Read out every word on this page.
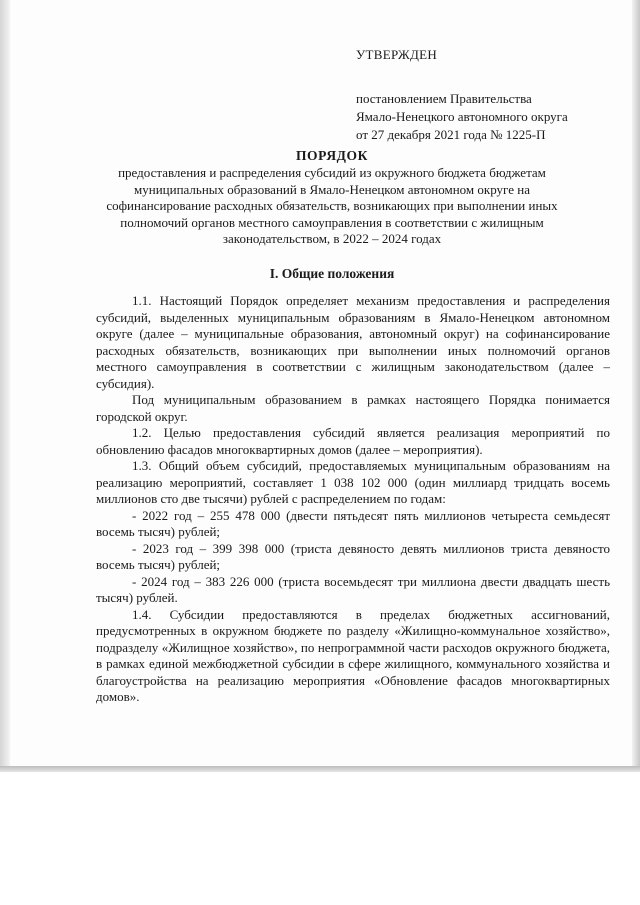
УТВЕРЖДЕН

постановлением Правительства

Ямало-Ненецкого автономного округа

от 27 декабря 2021 года № 1225-П

ПОРЯДОК
предоставления и распределения субсидий из окружного бюджета бюджетам муниципальных образований в Ямало-Ненецком автономном округе на софинансирование расходных обязательств, возникающих при выполнении иных полномочий органов местного самоуправления в соответствии с жилищным законодательством, в 2022 – 2024 годах
I. Общие положения

1.1. Настоящий Порядок определяет механизм предоставления и распределения субсидий, выделенных муниципальным образованиям в Ямало-Ненецком автономном округе (далее – муниципальные образования, автономный округ) на софинансирование расходных обязательств, возникающих при выполнении иных полномочий органов местного самоуправления в соответствии с жилищным законодательством (далее – субсидия).

Под муниципальным образованием в рамках настоящего Порядка понимается городской округ.

1.2. Целью предоставления субсидий является реализация мероприятий по обновлению фасадов многоквартирных домов (далее – мероприятия).

1.3. Общий объем субсидий, предоставляемых муниципальным образованиям на реализацию мероприятий, составляет 1 038 102 000 (один миллиард тридцать восемь миллионов сто две тысячи) рублей с распределением по годам:

- 2022 год – 255 478 000 (двести пятьдесят пять миллионов четыреста семьдесят восемь тысяч) рублей;

- 2023 год – 399 398 000 (триста девяносто девять миллионов триста девяносто восемь тысяч) рублей;

- 2024 год – 383 226 000 (триста восемьдесят три миллиона двести двадцать шесть тысяч) рублей.

1.4. Субсидии предоставляются в пределах бюджетных ассигнований, предусмотренных в окружном бюджете по разделу «Жилищно-коммунальное хозяйство», подразделу «Жилищное хозяйство», по непрограммной части расходов окружного бюджета, в рамках единой межбюджетной субсидии в сфере жилищного, коммунального хозяйства и благоустройства на реализацию мероприятия «Обновление фасадов многоквартирных домов».
